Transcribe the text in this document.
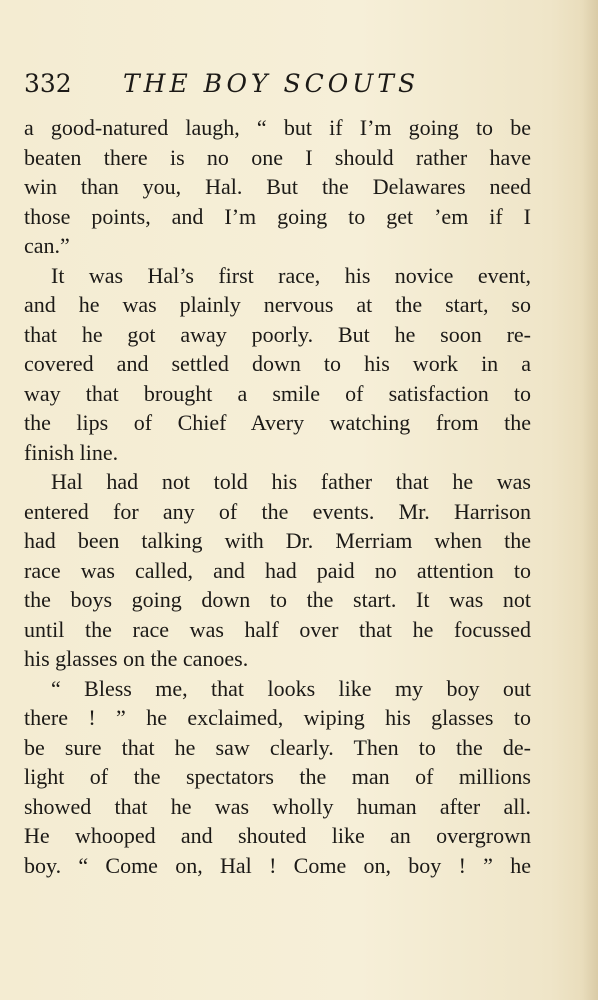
332 THE BOY SCOUTS
a good-natured laugh, “ but if I’m going to be
beaten there is no one I should rather have
win than you, Hal. But the Delawares need
those points, and I’m going to get ’em if I
can.”
It was Hal’s first race, his novice event,
and he was plainly nervous at the start, so
that he got away poorly. But he soon re-
covered and settled down to his work in a
way that brought a smile of satisfaction to
the lips of Chief Avery watching from the
finish line.
Hal had not told his father that he was
entered for any of the events. Mr. Harrison
had been talking with Dr. Merriam when the
race was called, and had paid no attention to
the boys going down to the start. It was not
until the race was half over that he focussed
his glasses on the canoes.
“ Bless me, that looks like my boy out
there ! ” he exclaimed, wiping his glasses to
be sure that he saw clearly. Then to the de-
light of the spectators the man of millions
showed that he was wholly human after all.
He whooped and shouted like an overgrown
boy. “ Come on, Hal ! Come on, boy ! ” he
